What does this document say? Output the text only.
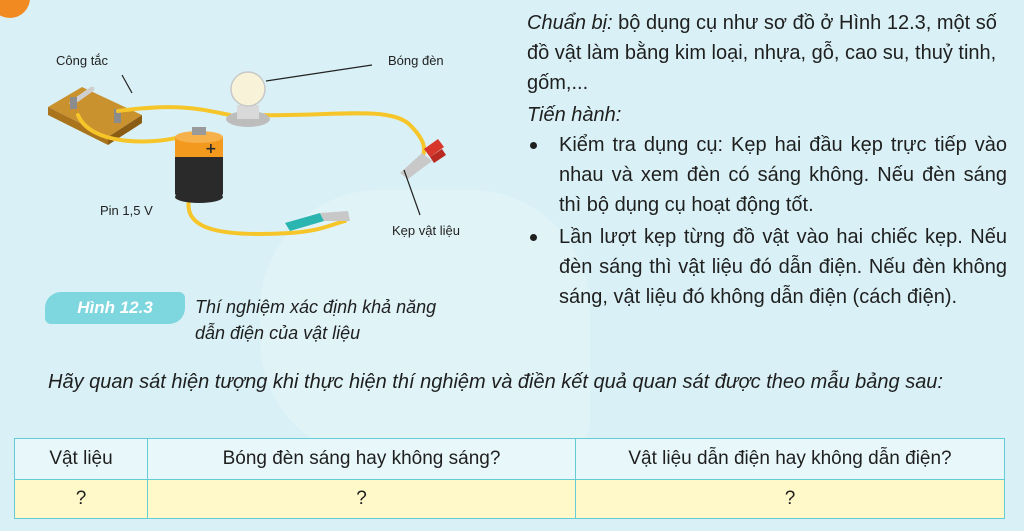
+
Công tắc	Bóng đèn
Pin 1,5 V
Kẹp vật liệu
Hình 12.3	Thí nghiệm xác định khả năng
dẫn điện của vật liệu

Chuẩn bị: bộ dụng cụ như sơ đồ ở Hình 12.3, một số đồ vật làm bằng kim loại, nhựa, gỗ, cao su, thuỷ tinh, gốm,...

Tiến hành:

Kiểm tra dụng cụ: Kẹp hai đầu kẹp trực tiếp vào nhau và xem đèn có sáng không. Nếu đèn sáng thì bộ dụng cụ hoạt động tốt.
Lần lượt kẹp từng đồ vật vào hai chiếc kẹp. Nếu đèn sáng thì vật liệu đó dẫn điện. Nếu đèn không sáng, vật liệu đó không dẫn điện (cách điện).
Hãy quan sát hiện tượng khi thực hiện thí nghiệm và điền kết quả quan sát được theo mẫu bảng sau:
Vật liệu	Bóng đèn sáng hay không sáng?	Vật liệu dẫn điện hay không dẫn điện?
?	?	?
